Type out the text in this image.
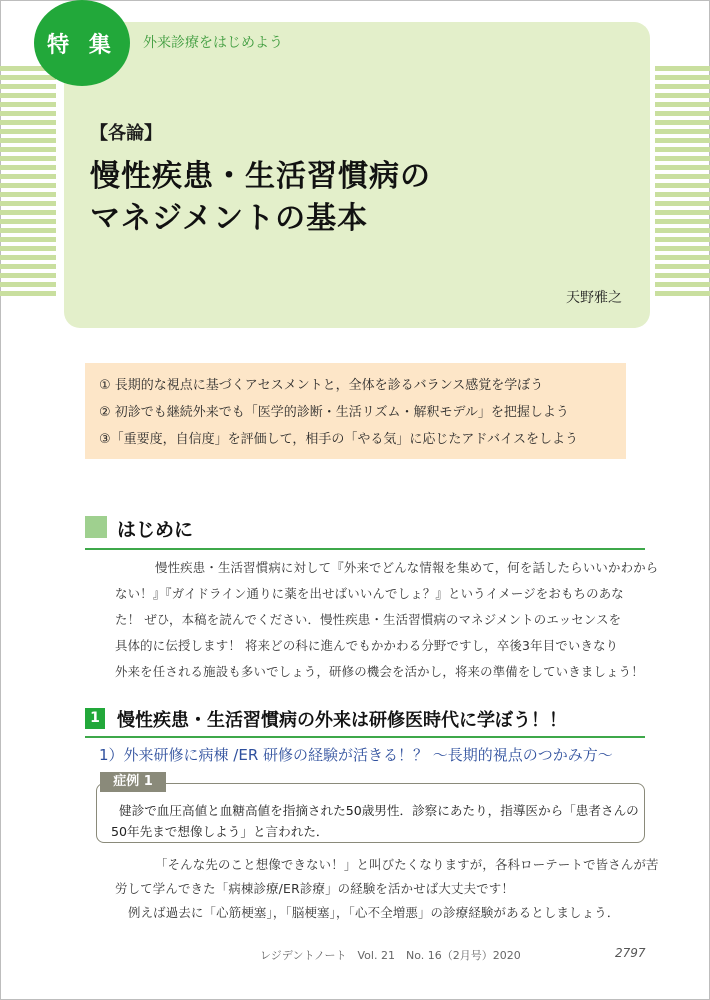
特 集	外来診療をはじめよう
【各論】
慢性疾患・生活習慣病の
マネジメントの基本
天野雅之
① 長期的な視点に基づくアセスメントと，全体を診るバランス感覚を学ぼう
② 初診でも継続外来でも「医学的診断・生活リズム・解釈モデル」を把握しよう
③「重要度，自信度」を評価して，相手の「やる気」に応じたアドバイスをしよう
はじめに
慢性疾患・生活習慣病に対して『外来でどんな情報を集めて，何を話したらいいかわから
ない！』『ガイドライン通りに薬を出せばいいんでしょ？』というイメージをおもちのあな
た！ ぜひ，本稿を読んでください．慢性疾患・生活習慣病のマネジメントのエッセンスを
具体的に伝授します！ 将来どの科に進んでもかかわる分野ですし，卒後3年目でいきなり
外来を任される施設も多いでしょう，研修の機会を活かし，将来の準備をしていきましょう！
1 慢性疾患・生活習慣病の外来は研修医時代に学ぼう！！
1）外来研修に病棟 /ER 研修の経験が活きる！？ ～長期的視点のつかみ方～
健診で血圧高値と血糖高値を指摘された50歳男性．診察にあたり，指導医から「患者さんの
50年先まで想像しよう」と言われた．
症例 1
「そんな先のこと想像できない！」と叫びたくなりますが，各科ローテートで皆さんが苦
労して学んできた「病棟診療/ER診療」の経験を活かせば大丈夫です！
例えば過去に「心筋梗塞」，「脳梗塞」，「心不全増悪」の診療経験があるとしましょう．
レジデントノート　Vol. 21　No. 16（2月号）2020	2797
